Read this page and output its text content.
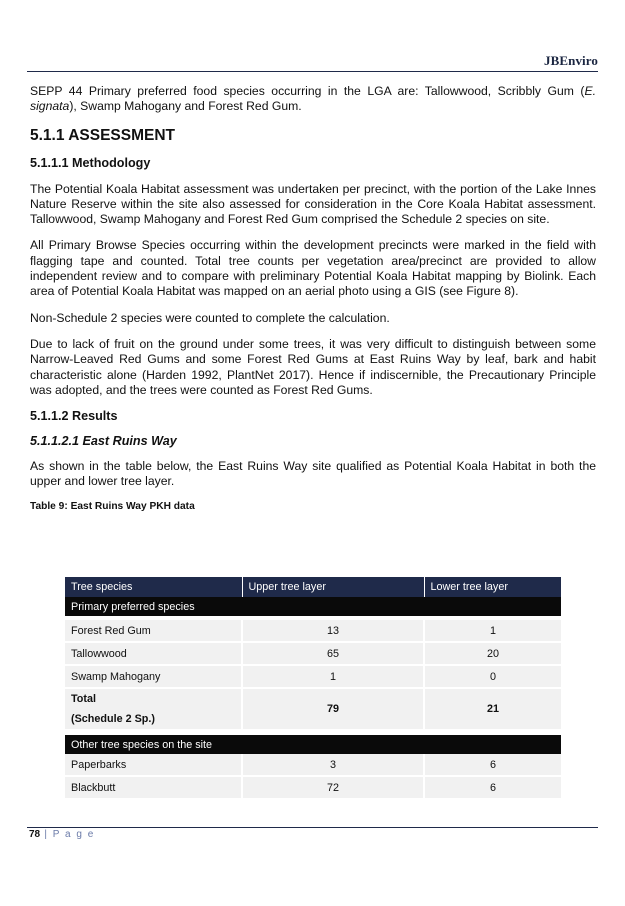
JBEnviro

SEPP 44 Primary preferred food species occurring in the LGA are: Tallowwood, Scribbly Gum (E. signata), Swamp Mahogany and Forest Red Gum.

5.1.1 ASSESSMENT
5.1.1.1 Methodology

The Potential Koala Habitat assessment was undertaken per precinct, with the portion of the Lake Innes Nature Reserve within the site also assessed for consideration in the Core Koala Habitat assessment. Tallowwood, Swamp Mahogany and Forest Red Gum comprised the Schedule 2 species on site.

All Primary Browse Species occurring within the development precincts were marked in the field with flagging tape and counted. Total tree counts per vegetation area/precinct are provided to allow independent review and to compare with preliminary Potential Koala Habitat mapping by Biolink. Each area of Potential Koala Habitat was mapped on an aerial photo using a GIS (see Figure 8).

Non-Schedule 2 species were counted to complete the calculation.

Due to lack of fruit on the ground under some trees, it was very difficult to distinguish between some Narrow-Leaved Red Gums and some Forest Red Gums at East Ruins Way by leaf, bark and habit characteristic alone (Harden 1992, PlantNet 2017). Hence if indiscernible, the Precautionary Principle was adopted, and the trees were counted as Forest Red Gums.

5.1.1.2 Results
5.1.1.2.1 East Ruins Way

As shown in the table below, the East Ruins Way site qualified as Potential Koala Habitat in both the upper and lower tree layer.

Table 9: East Ruins Way PKH data

Tree species	Upper tree layer	Lower tree layer
Primary preferred species		

Forest Red Gum	13	1
Tallowwood	65	20
Swamp Mahogany	1	0
Total
(Schedule 2 Sp.)	79	21

Other tree species on the site		
Paperbarks	3	6
Blackbutt	72	6
78 | P a g e
